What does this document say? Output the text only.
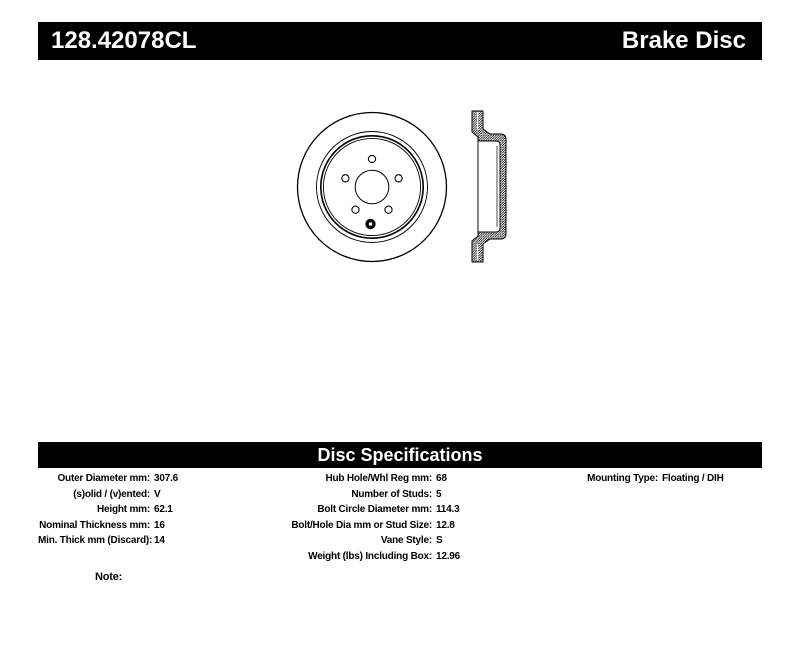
128.42078CL	Brake Disc
Disc Specifications
Outer Diameter mm: 307.6
(s)olid / (v)ented: V
Height mm: 62.1
Nominal Thickness mm: 16
Min. Thick mm (Discard): 14
Hub Hole/Whl Reg mm: 68
Number of Studs: 5
Bolt Circle Diameter mm: 114.3
Bolt/Hole Dia mm or Stud Size: 12.8
Vane Style: S
Weight (lbs) Including Box: 12.96
Mounting Type: Floating / DIH
Note:
